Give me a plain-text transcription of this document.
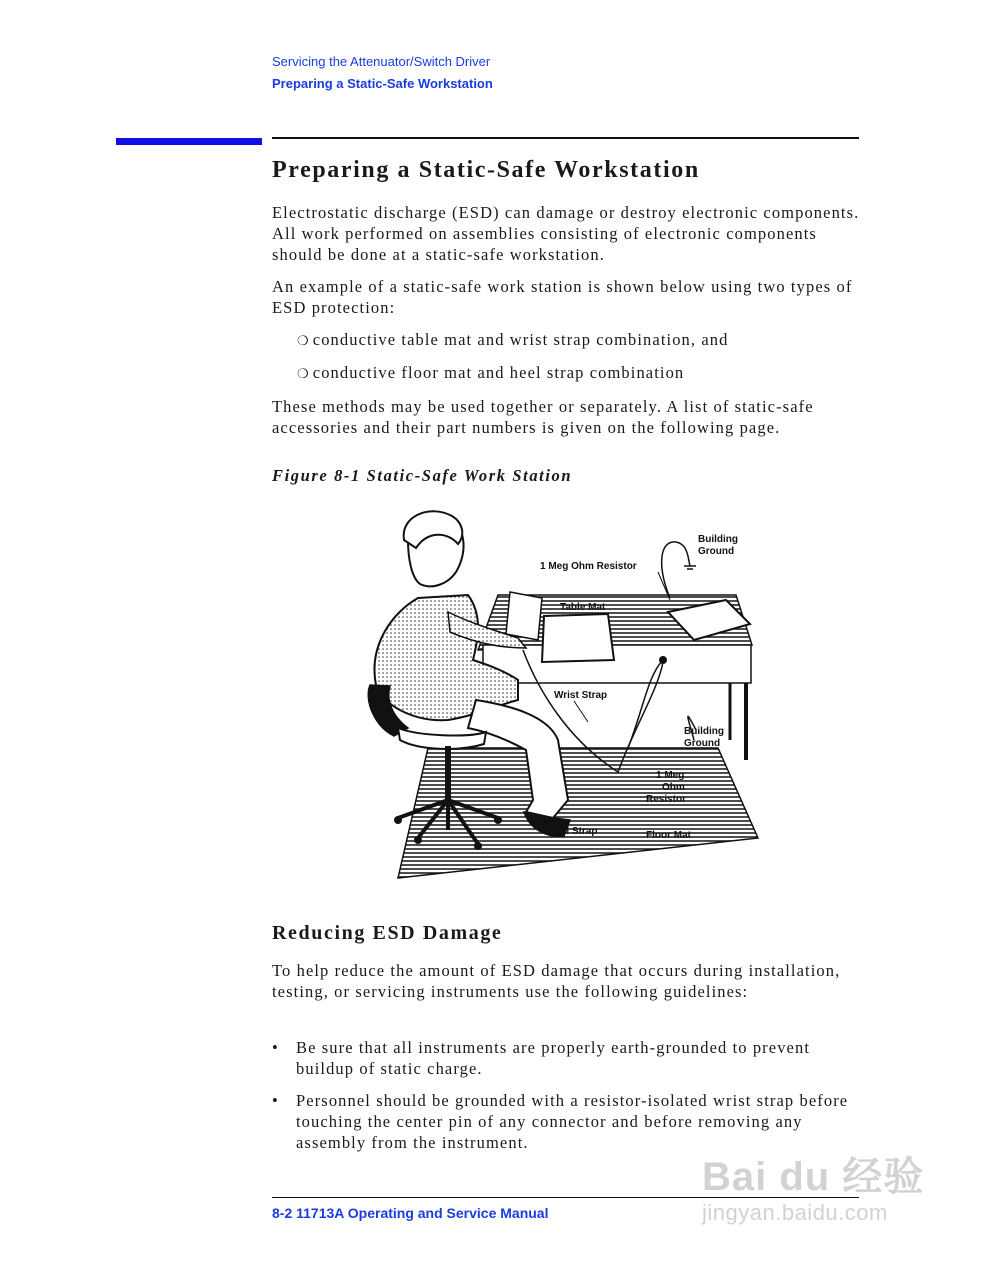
Servicing the Attenuator/Switch Driver
Preparing a Static-Safe Workstation
Preparing a Static-Safe Workstation

Electrostatic discharge (ESD) can damage or destroy electronic components. All work performed on assemblies consisting of electronic components should be done at a static-safe workstation.

An example of a static-safe work station is shown below using two types of ESD protection:

❍ conductive table mat and wrist strap combination, and
❍ conductive floor mat and heel strap combination

These methods may be used together or separately. A list of static-safe accessories and their part numbers is given on the following page.

Figure 8-1 Static-Safe Work Station

Building
Ground
1 Meg Ohm Resistor
Table Mat
Wrist Strap
Building
Ground
1 Meg
Ohm
Resistor
Heel Strap	Floor Mat
Reducing ESD Damage

To help reduce the amount of ESD damage that occurs during installation, testing, or servicing instruments use the following guidelines:

• Be sure that all instruments are properly earth-grounded to prevent buildup of static charge.
• Personnel should be grounded with a resistor-isolated wrist strap before touching the center pin of any connector and before removing any assembly from the instrument.
8-2 11713A Operating and Service Manual
Bai du 经验
jingyan.baidu.com
